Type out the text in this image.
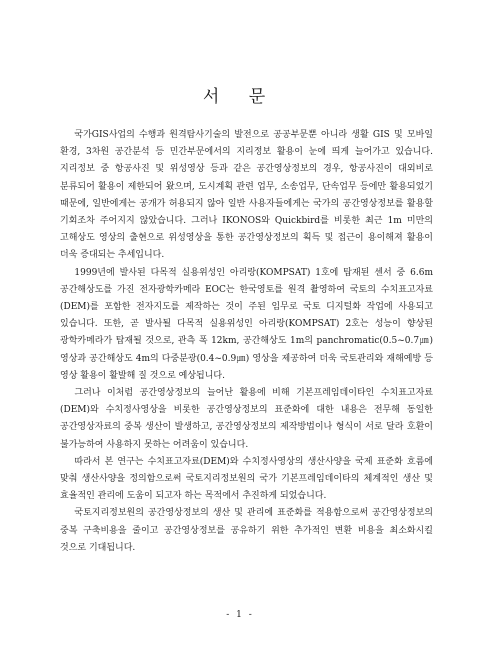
서 문

국가GIS사업의 수행과 원격탐사기술의 발전으로 공공부문뿐 아니라 생활 GIS 및 모바일 환경, 3차원 공간분석 등 민간부문에서의 지리정보 활용이 눈에 띄게 늘어가고 있습니다. 지리정보 중 항공사진 및 위성영상 등과 같은 공간영상정보의 경우, 항공사진이 대외비로 분류되어 활용이 제한되어 왔으며, 도시계획 관련 업무, 소송업무, 단속업무 등에만 활용되었기 때문에, 일반에게는 공개가 허용되지 않아 일반 사용자들에게는 국가의 공간영상정보를 활용할 기회조차 주어지지 않았습니다. 그러나 IKONOS와 Quickbird를 비롯한 최근 1m 미만의 고해상도 영상의 출현으로 위성영상을 통한 공간영상정보의 획득 및 접근이 용이해져 활용이 더욱 증대되는 추세입니다.

1999년에 발사된 다목적 실용위성인 아리랑(KOMPSAT) 1호에 탑재된 센서 중 6.6m 공간해상도를 가진 전자광학카메라 EOC는 한국영토를 원격 촬영하여 국토의 수치표고자료(DEM)를 포함한 전자지도를 제작하는 것이 주된 임무로 국토 디지털화 작업에 사용되고 있습니다. 또한, 곧 발사될 다목적 실용위성인 아리랑(KOMPSAT) 2호는 성능이 향상된 광학카메라가 탑재될 것으로, 관측 폭 12km, 공간해상도 1m의 panchromatic(0.5~0.7㎛)영상과 공간해상도 4m의 다중분광(0.4~0.9㎛) 영상을 제공하여 더욱 국토관리와 재해예방 등 영상 활용이 활발해 질 것으로 예상됩니다.

그러나 이처럼 공간영상정보의 늘어난 활용에 비해 기본프레임데이타인 수치표고자료(DEM)와 수치정사영상을 비롯한 공간영상정보의 표준화에 대한 내용은 전무해 동일한 공간영상자료의 중복 생산이 발생하고, 공간영상정보의 제작방법이나 형식이 서로 달라 호환이 불가능하여 사용하지 못하는 어려움이 있습니다.

따라서 본 연구는 수치표고자료(DEM)와 수치정사영상의 생산사양을 국제 표준화 흐름에 맞춰 생산사양을 정의함으로써 국토지리정보원의 국가 기본프레임데이타의 체계적인 생산 및 효율적인 관리에 도움이 되고자 하는 목적에서 추진하게 되었습니다.

국토지리정보원의 공간영상정보의 생산 및 관리에 표준화를 적용함으로써 공간영상정보의 중복 구축비용을 줄이고 공간영상정보를 공유하기 위한 추가적인 변환 비용을 최소화시킬 것으로 기대됩니다.

- 1 -
